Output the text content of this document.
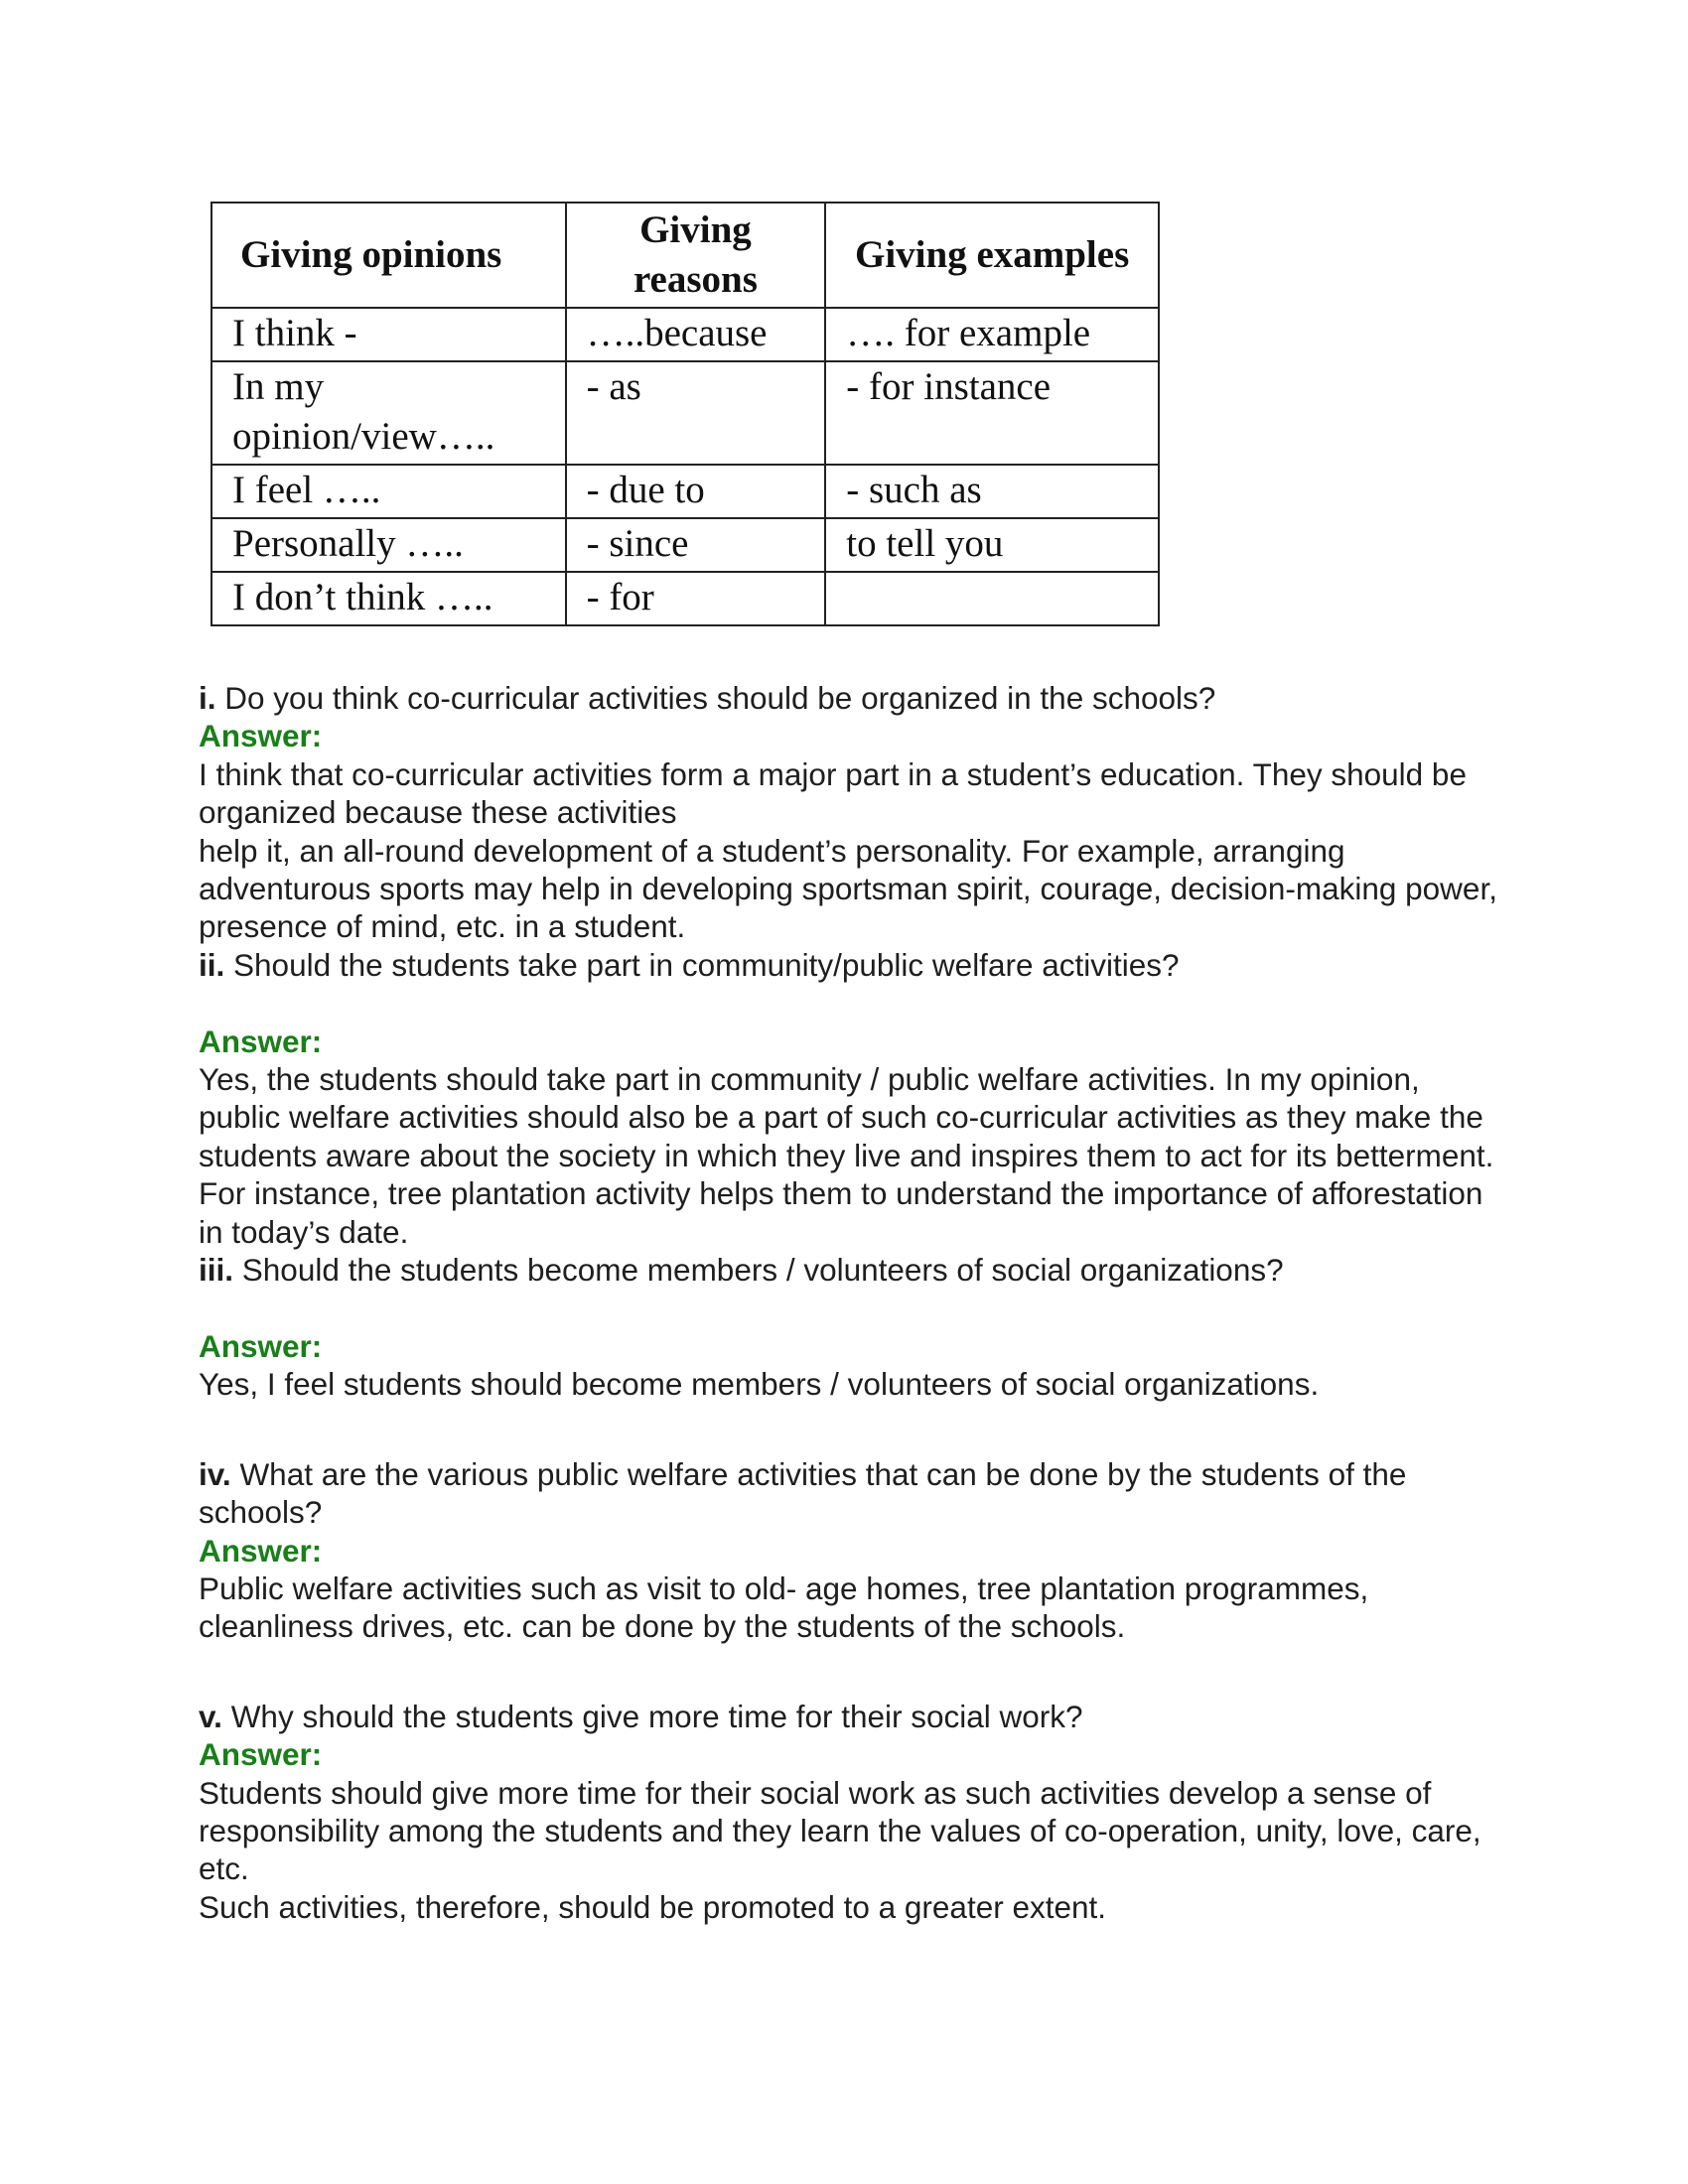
Giving opinions	Giving reasons	Giving examples
I think -	…..because	…. for example
In my opinion/view…..	- as	- for instance
I feel …..	- due to	- such as
Personally …..	- since	to tell you
I don’t think …..	- for	

i. Do you think co-curricular activities should be organized in the schools?

Answer:

I think that co-curricular activities form a major part in a student’s education. They should be organized because these activities

help it, an all-round development of a student’s personality. For example, arranging adventurous sports may help in developing sportsman spirit, courage, decision-making power, presence of mind, etc. in a student.

ii. Should the students take part in community/public welfare activities?

Answer:

Yes, the students should take part in community / public welfare activities. In my opinion, public welfare activities should also be a part of such co-curricular activities as they make the students aware about the society in which they live and inspires them to act for its betterment. For instance, tree plantation activity helps them to understand the importance of afforestation in today’s date.

iii. Should the students become members / volunteers of social organizations?

Answer:

Yes, I feel students should become members / volunteers of social organizations.

iv. What are the various public welfare activities that can be done by the students of the schools?

Answer:

Public welfare activities such as visit to old- age homes, tree plantation programmes, cleanliness drives, etc. can be done by the students of the schools.

v. Why should the students give more time for their social work?

Answer:

Students should give more time for their social work as such activities develop a sense of responsibility among the students and they learn the values of co-operation, unity, love, care, etc.

Such activities, therefore, should be promoted to a greater extent.
